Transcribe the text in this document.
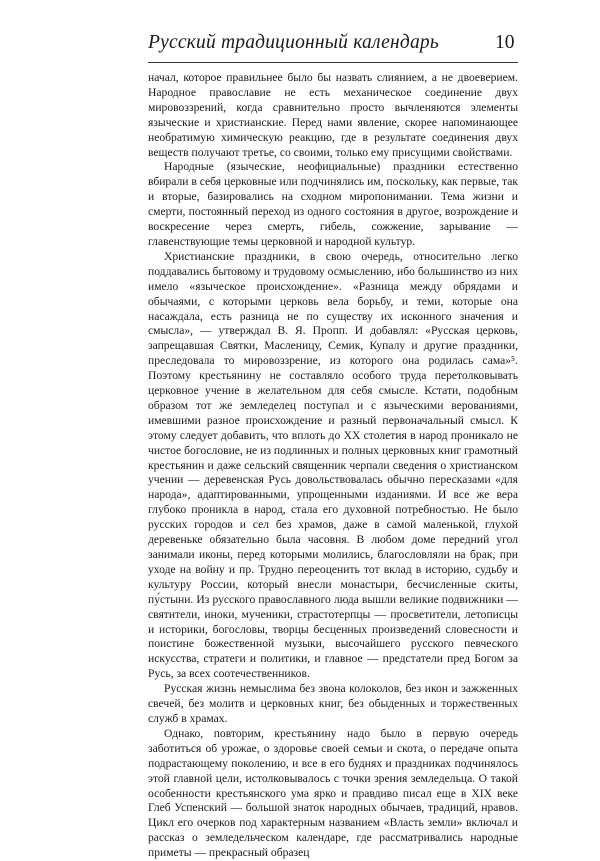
Русский традиционный календарь	10

начал, которое правильнее было бы назвать слиянием, а не двоеверием. Народное православие не есть механическое соединение двух мировоззрений, когда сравнительно просто вычленяются элементы языческие и христианские. Перед нами явление, скорее напоминающее необратимую химическую реакцию, где в результате соединения двух веществ получают третье, со своими, только ему присущими свойствами.

Народные (языческие, неофициальные) праздники естественно вбирали в себя церковные или подчинялись им, поскольку, как первые, так и вторые, базировались на сходном миропонимании. Тема жизни и смерти, постоянный переход из одного состояния в другое, возрождение и воскресение через смерть, гибель, сожжение, зарывание — главенствующие темы церковной и народной культур.

Христианские праздники, в свою очередь, относительно легко поддавались бытовому и трудовому осмыслению, ибо большинство из них имело «языческое происхождение». «Разница между обрядами и обычаями, с которыми церковь вела борьбу, и теми, которые она насаждала, есть разница не по существу их исконного значения и смысла», — утверждал В. Я. Пропп. И добавлял: «Русская церковь, запрещавшая Святки, Масленицу, Семик, Купалу и другие праздники, преследовала то мировоззрение, из которого она родилась сама»⁵. Поэтому крестьянину не составляло особого труда перетолковывать церковное учение в желательном для себя смысле. Кстати, подобным образом тот же земледелец поступал и с языческими верованиями, имевшими разное происхождение и разный первоначальный смысл. К этому следует добавить, что вплоть до XX столетия в народ проникало не чистое богословие, не из подлинных и полных церковных книг грамотный крестьянин и даже сельский священник черпали сведения о христианском учении — деревенская Русь довольствовалась обычно пересказами «для народа», адаптированными, упрощенными изданиями. И все же вера глубоко проникла в народ, стала его духовной потребностью. Не было русских городов и сел без храмов, даже в самой маленькой, глухой деревеньке обязательно была часовня. В любом доме передний угол занимали иконы, перед которыми молились, благословляли на брак, при уходе на войну и пр. Трудно переоценить тот вклад в историю, судьбу и культуру России, который внесли монастыри, бесчисленные скиты, пу́стыни. Из русского православного люда вышли великие подвижники — святители, иноки, мученики, страстотерпцы — просветители, летописцы и историки, богословы, творцы бесценных произведений словесности и поистине божественной музыки, высочайшего русского певческого искусства, стратеги и политики, и главное — предстатели пред Богом за Русь, за всех соотечественников.

Русская жизнь немыслима без звона колоколов, без икон и зажженных свечей, без молитв и церковных книг, без обыденных и торжественных служб в храмах.

Однако, повторим, крестьянину надо было в первую очередь заботиться об урожае, о здоровье своей семьи и скота, о передаче опыта подрастающему поколению, и все в его буднях и праздниках подчинялось этой главной цели, истолковывалось с точки зрения земледельца. О такой особенности крестьянского ума ярко и правдиво писал еще в XIX веке Глеб Успенский — большой знаток народных обычаев, традиций, нравов. Цикл его очерков под характерным названием «Власть земли» включал и рассказ о земледельческом календаре, где рассматривались народные приметы — прекрасный образец
